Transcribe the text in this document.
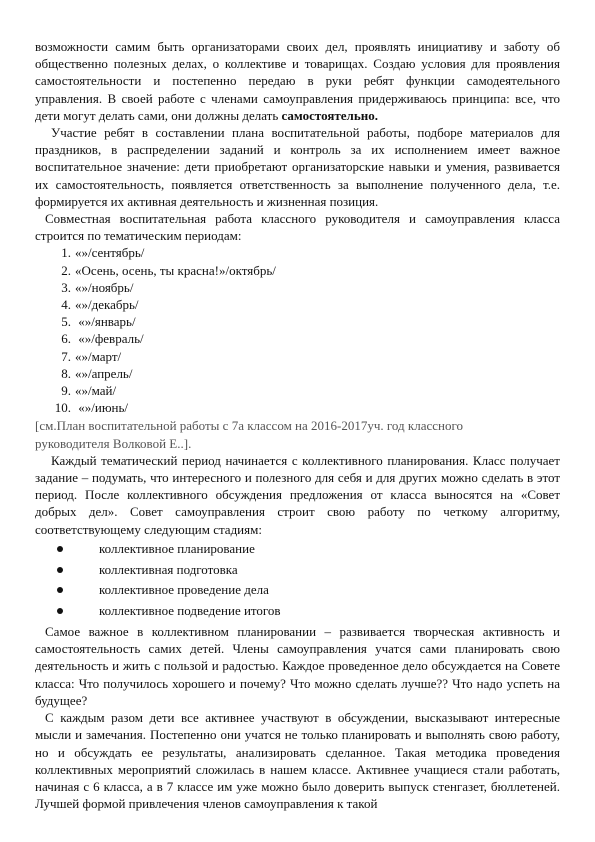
возможности самим быть организаторами своих дел, проявлять инициативу и заботу об общественно полезных делах, о коллективе и товарищах. Создаю условия для проявления самостоятельности и постепенно передаю в руки ребят функции самодеятельного управления. В своей работе с членами самоуправления придерживаюсь принципа: все, что дети могут делать сами, они должны делать самостоятельно.

Участие ребят в составлении плана воспитательной работы, подборе материалов для праздников, в распределении заданий и контроль за их исполнением имеет важное воспитательное значение: дети приобретают организаторские навыки и умения, развивается их самостоятельность, появляется ответственность за выполнение полученного дела, т.е. формируется их активная деятельность и жизненная позиция.

Совместная воспитательная работа классного руководителя и самоуправления класса строится по тематическим периодам:

1. «»/сентябрь/
2. «Осень, осень, ты красна!»/октябрь/
3. «»/ноябрь/
4. «»/декабрь/
5. «»/январь/
6. «»/февраль/
7. «»/март/
8. «»/апрель/
9. «»/май/
10. «»/июнь/

[см.План воспитательной работы с 7а классом на 2016-2017уч. год классного
руководителя Волковой Е..].

Каждый тематический период начинается с коллективного планирования. Класс получает задание – подумать, что интересного и полезного для себя и для других можно сделать в этот период. После коллективного обсуждения предложения от класса выносятся на «Совет добрых дел». Совет самоуправления строит свою работу по четкому алгоритму, соответствующему следующим стадиям:

коллективное планирование
коллективная подготовка
коллективное проведение дела
коллективное подведение итогов

Самое важное в коллективном планировании – развивается творческая активность и самостоятельность самих детей. Члены самоуправления учатся сами планировать свою деятельность и жить с пользой и радостью. Каждое проведенное дело обсуждается на Совете класса: Что получилось хорошего и почему? Что можно сделать лучше?? Что надо успеть на будущее?

С каждым разом дети все активнее участвуют в обсуждении, высказывают интересные мысли и замечания. Постепенно они учатся не только планировать и выполнять свою работу, но и обсуждать ее результаты, анализировать сделанное. Такая методика проведения коллективных мероприятий сложилась в нашем классе. Активнее учащиеся стали работать, начиная с 6 класса, а в 7 классе им уже можно было доверить выпуск стенгазет, бюллетеней. Лучшей формой привлечения членов самоуправления к такой
